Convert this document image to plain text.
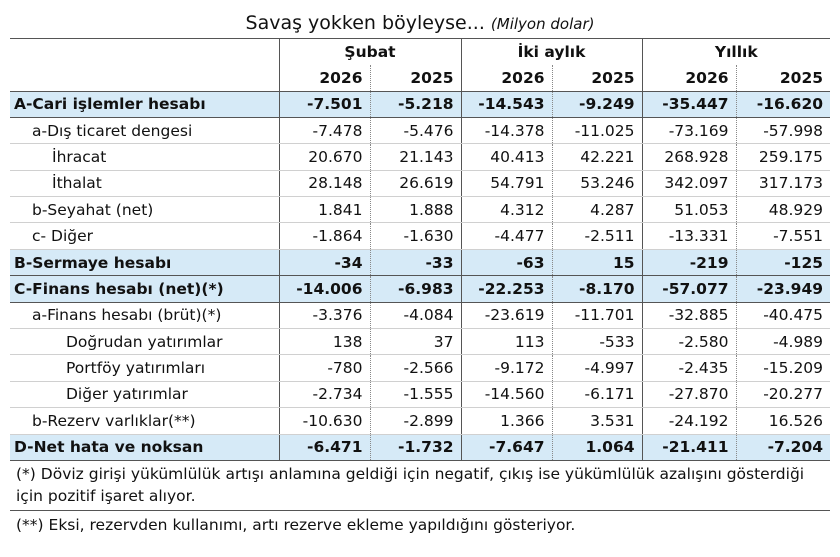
Savaş yokken böyleyse... (Milyon dolar)
	Şubat		İki aylık		Yıllık	
	2026	2025	2026	2025	2026	2025
A-Cari işlemler hesabı	-7.501	-5.218	-14.543	-9.249	-35.447	-16.620
a-Dış ticaret dengesi	-7.478	-5.476	-14.378	-11.025	-73.169	-57.998
İhracat	20.670	21.143	40.413	42.221	268.928	259.175
İthalat	28.148	26.619	54.791	53.246	342.097	317.173
b-Seyahat (net)	1.841	1.888	4.312	4.287	51.053	48.929
c- Diğer	-1.864	-1.630	-4.477	-2.511	-13.331	-7.551
B-Sermaye hesabı	-34	-33	-63	15	-219	-125
C-Finans hesabı (net)(*)	-14.006	-6.983	-22.253	-8.170	-57.077	-23.949
a-Finans hesabı (brüt)(*)	-3.376	-4.084	-23.619	-11.701	-32.885	-40.475
Doğrudan yatırımlar	138	37	113	-533	-2.580	-4.989
Portföy yatırımları	-780	-2.566	-9.172	-4.997	-2.435	-15.209
Diğer yatırımlar	-2.734	-1.555	-14.560	-6.171	-27.870	-20.277
b-Rezerv varlıklar(**)	-10.630	-2.899	1.366	3.531	-24.192	16.526
D-Net hata ve noksan	-6.471	-1.732	-7.647	1.064	-21.411	-7.204
(*) Döviz girişi yükümlülük artışı anlamına geldiği için negatif, çıkış ise yükümlülük azalışını gösterdiği için pozitif işaret alıyor.
(**) Eksi, rezervden kullanımı, artı rezerve ekleme yapıldığını gösteriyor.
